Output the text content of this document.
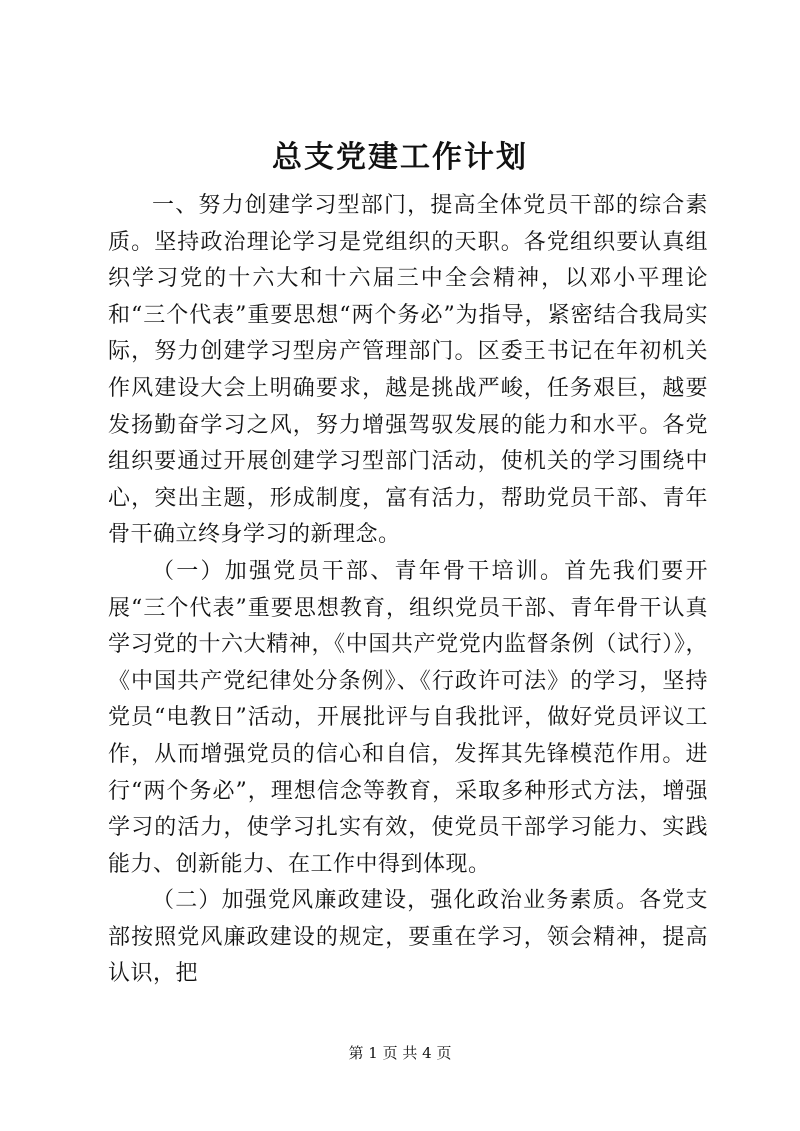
总支党建工作计划

一、努力创建学习型部门，提高全体党员干部的综合素质。坚持政治理论学习是党组织的天职。各党组织要认真组织学习党的十六大和十六届三中全会精神，以邓小平理论和“三个代表”重要思想“两个务必”为指导，紧密结合我局实际，努力创建学习型房产管理部门。区委王书记在年初机关作风建设大会上明确要求，越是挑战严峻，任务艰巨，越要发扬勤奋学习之风，努力增强驾驭发展的能力和水平。各党组织要通过开展创建学习型部门活动，使机关的学习围绕中心，突出主题，形成制度，富有活力，帮助党员干部、青年骨干确立终身学习的新理念。

（一）加强党员干部、青年骨干培训。首先我们要开展“三个代表”重要思想教育，组织党员干部、青年骨干认真学习党的十六大精神，《中国共产党党内监督条例（试行）》，《中国共产党纪律处分条例》、《行政许可法》的学习，坚持党员“电教日”活动，开展批评与自我批评，做好党员评议工作，从而增强党员的信心和自信，发挥其先锋模范作用。进行“两个务必”，理想信念等教育，采取多种形式方法，增强学习的活力，使学习扎实有效，使党员干部学习能力、实践能力、创新能力、在工作中得到体现。

（二）加强党风廉政建设，强化政治业务素质。各党支部按照党风廉政建设的规定，要重在学习，领会精神，提高认识，把

第 1 页 共 4 页
